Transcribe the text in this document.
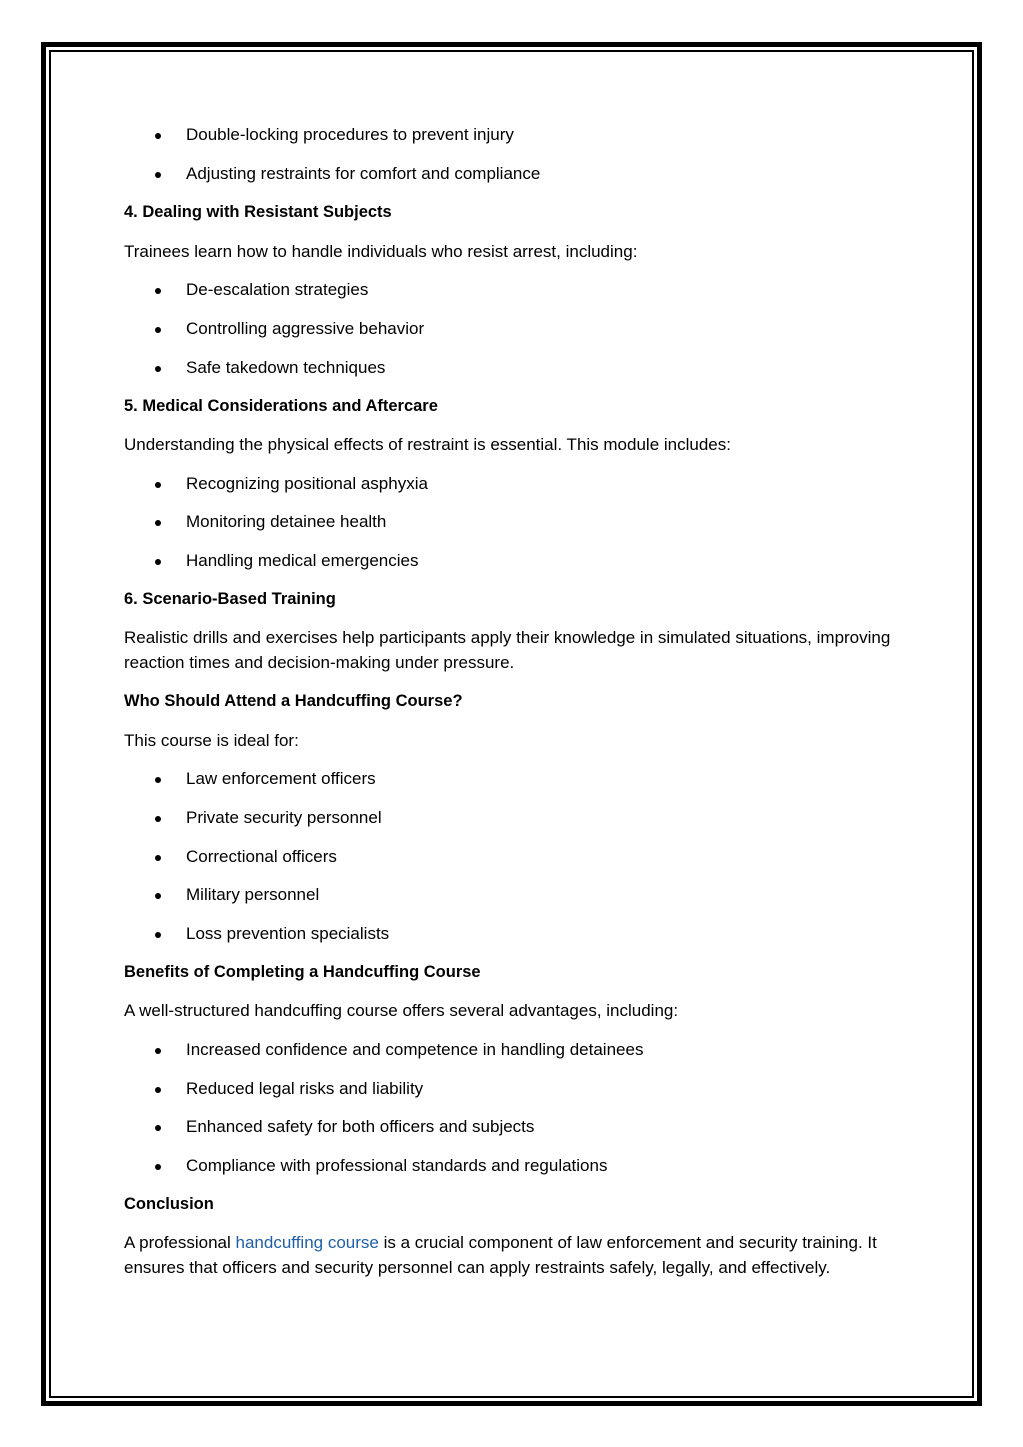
Double-locking procedures to prevent injury
Adjusting restraints for comfort and compliance
4. Dealing with Resistant Subjects
Trainees learn how to handle individuals who resist arrest, including:
De-escalation strategies
Controlling aggressive behavior
Safe takedown techniques
5. Medical Considerations and Aftercare
Understanding the physical effects of restraint is essential. This module includes:
Recognizing positional asphyxia
Monitoring detainee health
Handling medical emergencies
6. Scenario-Based Training
Realistic drills and exercises help participants apply their knowledge in simulated situations, improving reaction times and decision-making under pressure.
Who Should Attend a Handcuffing Course?
This course is ideal for:
Law enforcement officers
Private security personnel
Correctional officers
Military personnel
Loss prevention specialists
Benefits of Completing a Handcuffing Course
A well-structured handcuffing course offers several advantages, including:
Increased confidence and competence in handling detainees
Reduced legal risks and liability
Enhanced safety for both officers and subjects
Compliance with professional standards and regulations
Conclusion
A professional handcuffing course is a crucial component of law enforcement and security training. It ensures that officers and security personnel can apply restraints safely, legally, and effectively.
